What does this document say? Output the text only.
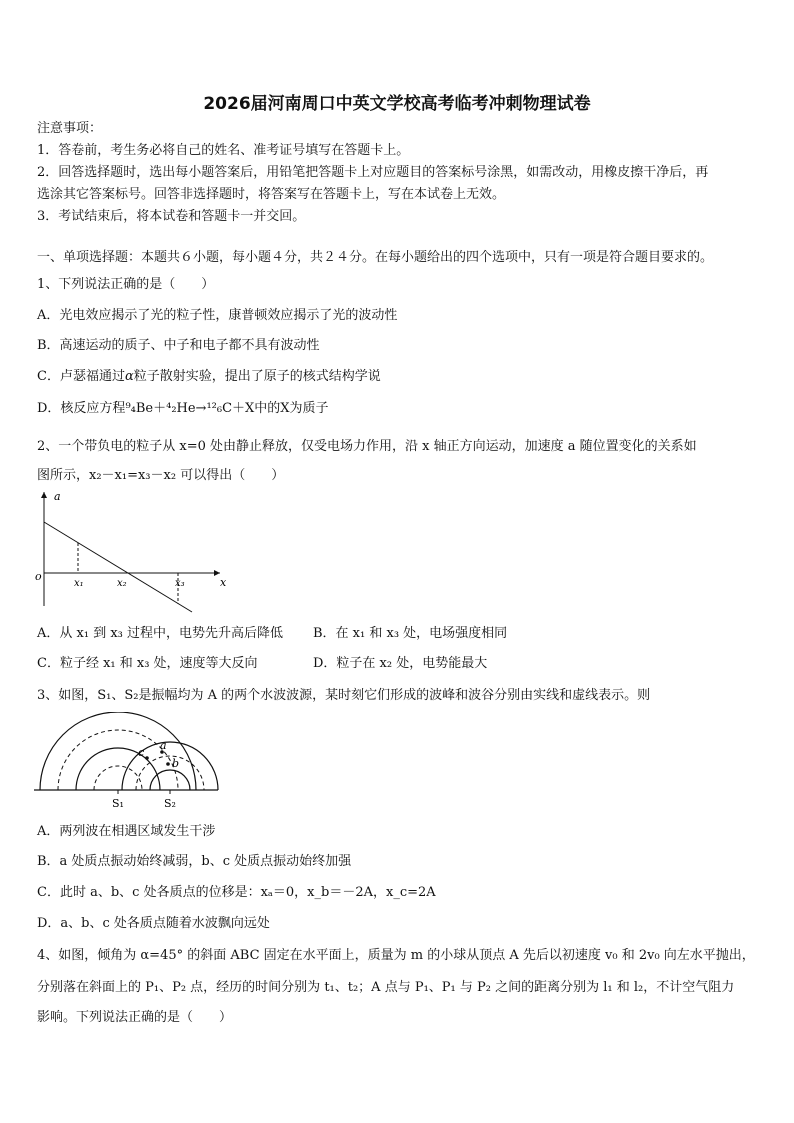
2026届河南周口中英文学校高考临考冲刺物理试卷
注意事项：
1．答卷前，考生务必将自己的姓名、准考证号填写在答题卡上。
2．回答选择题时，选出每小题答案后，用铅笔把答题卡上对应题目的答案标号涂黑，如需改动，用橡皮擦干净后，再
选涂其它答案标号。回答非选择题时，将答案写在答题卡上，写在本试卷上无效。
3．考试结束后，将本试卷和答题卡一并交回。
一、单项选择题：本题共６小题，每小题４分，共２４分。在每小题给出的四个选项中，只有一项是符合题目要求的。
1、下列说法正确的是（　　）
A．光电效应揭示了光的粒子性，康普顿效应揭示了光的波动性
B．高速运动的质子、中子和电子都不具有波动性
C．卢瑟福通过α粒子散射实验，提出了原子的核式结构学说
D．核反应方程⁹₄Be＋⁴₂He→¹²₆C＋X中的X为质子
2、一个带负电的粒子从 x=0 处由静止释放，仅受电场力作用，沿 x 轴正方向运动，加速度 a 随位置变化的关系如
图所示，x₂－x₁=x₃－x₂ 可以得出（　　）
a
x
o
x₁	x₂	x₃
A．从 x₁ 到 x₃ 过程中，电势先升高后降低 B．在 x₁ 和 x₃ 处，电场强度相同
C．粒子经 x₁ 和 x₃ 处，速度等大反向	D．粒子在 x₂ 处，电势能最大
3、如图，S₁、S₂是振幅均为 A 的两个水波波源，某时刻它们形成的波峰和波谷分别由实线和虚线表示。则
c
a
b
S₁	S₂
A．两列波在相遇区域发生干涉
B．a 处质点振动始终减弱，b、c 处质点振动始终加强
C．此时 a、b、c 处各质点的位移是：xₐ＝0，x_b＝－2A，x_c=2A
D．a、b、c 处各质点随着水波飘向远处
4、如图，倾角为 α=45° 的斜面 ABC 固定在水平面上，质量为 m 的小球从顶点 A 先后以初速度 v₀ 和 2v₀ 向左水平抛出，
分别落在斜面上的 P₁、P₂ 点，经历的时间分别为 t₁、t₂；A 点与 P₁、P₁ 与 P₂ 之间的距离分别为 l₁ 和 l₂，不计空气阻力
影响。下列说法正确的是（　　）
